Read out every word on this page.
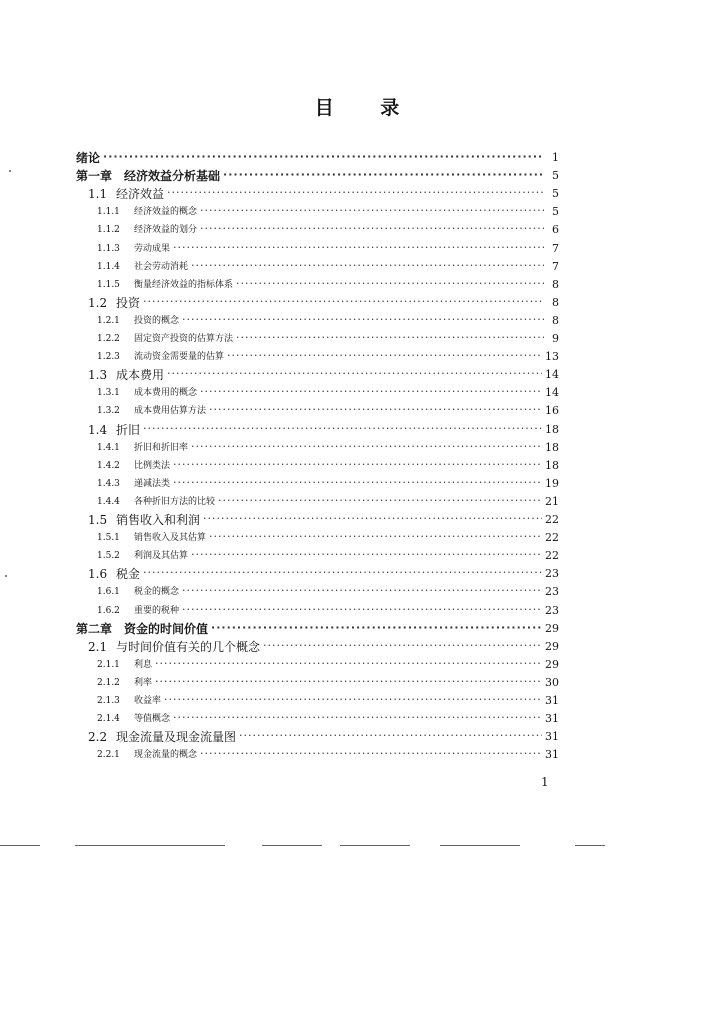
目 录
绪论 ·····	1
第一章 经济效益分析基础 ·····	5
1.1 经济效益 ·····	5
1.1.1 经济效益的概念 ·····	5
1.1.2 经济效益的划分 ·····	6
1.1.3 劳动成果 ·····	7
1.1.4 社会劳动消耗 ·····	7
1.1.5 衡量经济效益的指标体系 ·····	8
1.2 投资 ·····	8
1.2.1 投资的概念 ·····	8
1.2.2 固定资产投资的估算方法 ·····	9
1.2.3 流动资金需要量的估算 ·····	13
1.3 成本费用 ·····	14
1.3.1 成本费用的概念 ·····	14
1.3.2 成本费用估算方法 ·····	16
1.4 折旧 ·····	18
1.4.1 折旧和折旧率 ·····	18
1.4.2 比例类法 ·····	18
1.4.3 递减法类 ·····	19
1.4.4 各种折旧方法的比较 ·····	21
1.5 销售收入和利润 ·····	22
1.5.1 销售收入及其估算 ·····	22
1.5.2 利润及其估算 ·····	22
1.6 税金 ·····	23
1.6.1 税金的概念 ·····	23
1.6.2 重要的税种 ·····	23
第二章 资金的时间价值 ·····	29
2.1 与时间价值有关的几个概念 ·····	29
2.1.1 利息 ·····	29
2.1.2 利率 ·····	30
2.1.3 收益率 ·····	31
2.1.4 等值概念 ·····	31
2.2 现金流量及现金流量图 ·····	31
2.2.1 现金流量的概念 ·····	31
1
